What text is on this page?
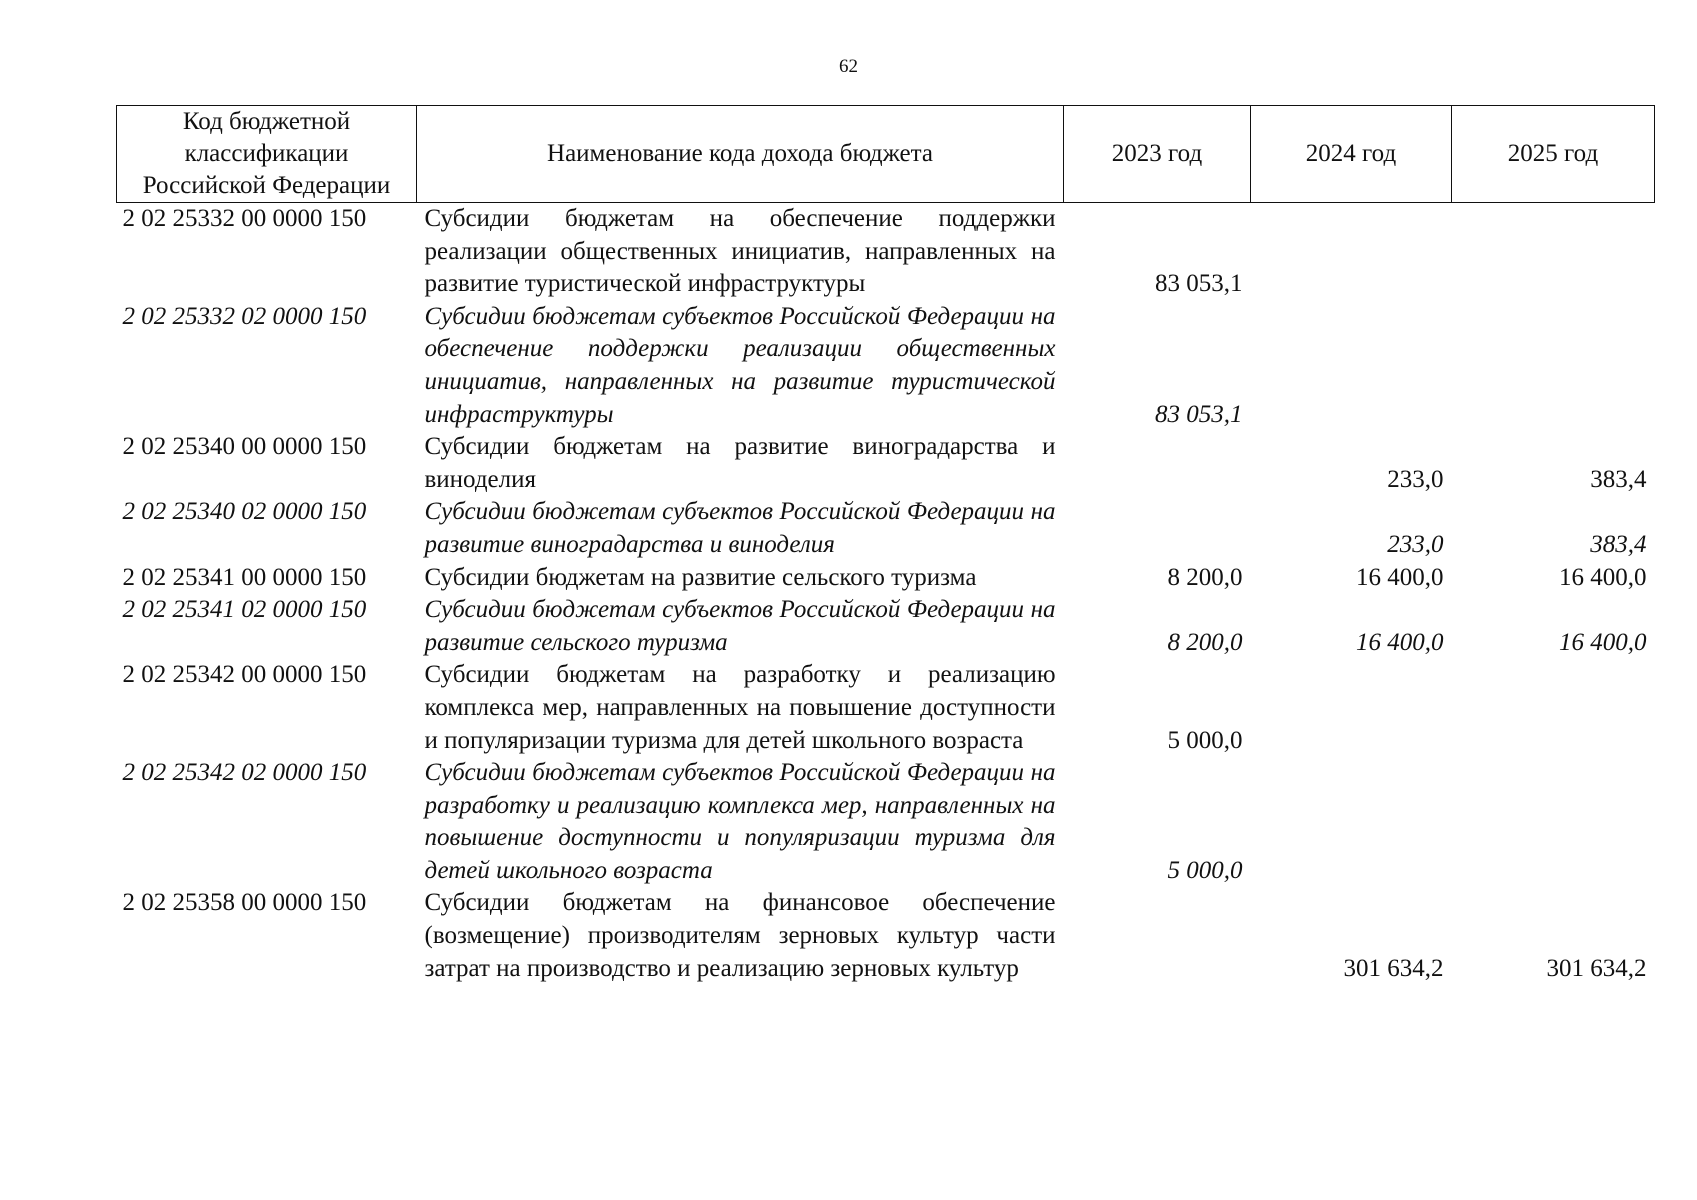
62
Код бюджетной классификации Российской Федерации	Наименование кода дохода бюджета	2023 год	2024 год	2025 год
2 02 25332 00 0000 150	Субсидии бюджетам на обеспечение поддержки реализации общественных инициатив, направленных на развитие туристической инфраструктуры	83 053,1		
2 02 25332 02 0000 150	Субсидии бюджетам субъектов Российской Федерации на обеспечение поддержки реализации общественных инициатив, направленных на развитие туристической инфраструктуры	83 053,1		
2 02 25340 00 0000 150	Субсидии бюджетам на развитие виноградарства и виноделия		233,0	383,4
2 02 25340 02 0000 150	Субсидии бюджетам субъектов Российской Федерации на развитие виноградарства и виноделия		233,0	383,4
2 02 25341 00 0000 150	Субсидии бюджетам на развитие сельского туризма	8 200,0	16 400,0	16 400,0
2 02 25341 02 0000 150	Субсидии бюджетам субъектов Российской Федерации на развитие сельского туризма	8 200,0	16 400,0	16 400,0
2 02 25342 00 0000 150	Субсидии бюджетам на разработку и реализацию комплекса мер, направленных на повышение доступности и популяризации туризма для детей школьного возраста	5 000,0		
2 02 25342 02 0000 150	Субсидии бюджетам субъектов Российской Федерации на разработку и реализацию комплекса мер, направленных на повышение доступности и популяризации туризма для детей школьного возраста	5 000,0		
2 02 25358 00 0000 150	Субсидии бюджетам на финансовое обеспечение (возмещение) производителям зерновых культур части затрат на производство и реализацию зерновых культур		301 634,2	301 634,2
